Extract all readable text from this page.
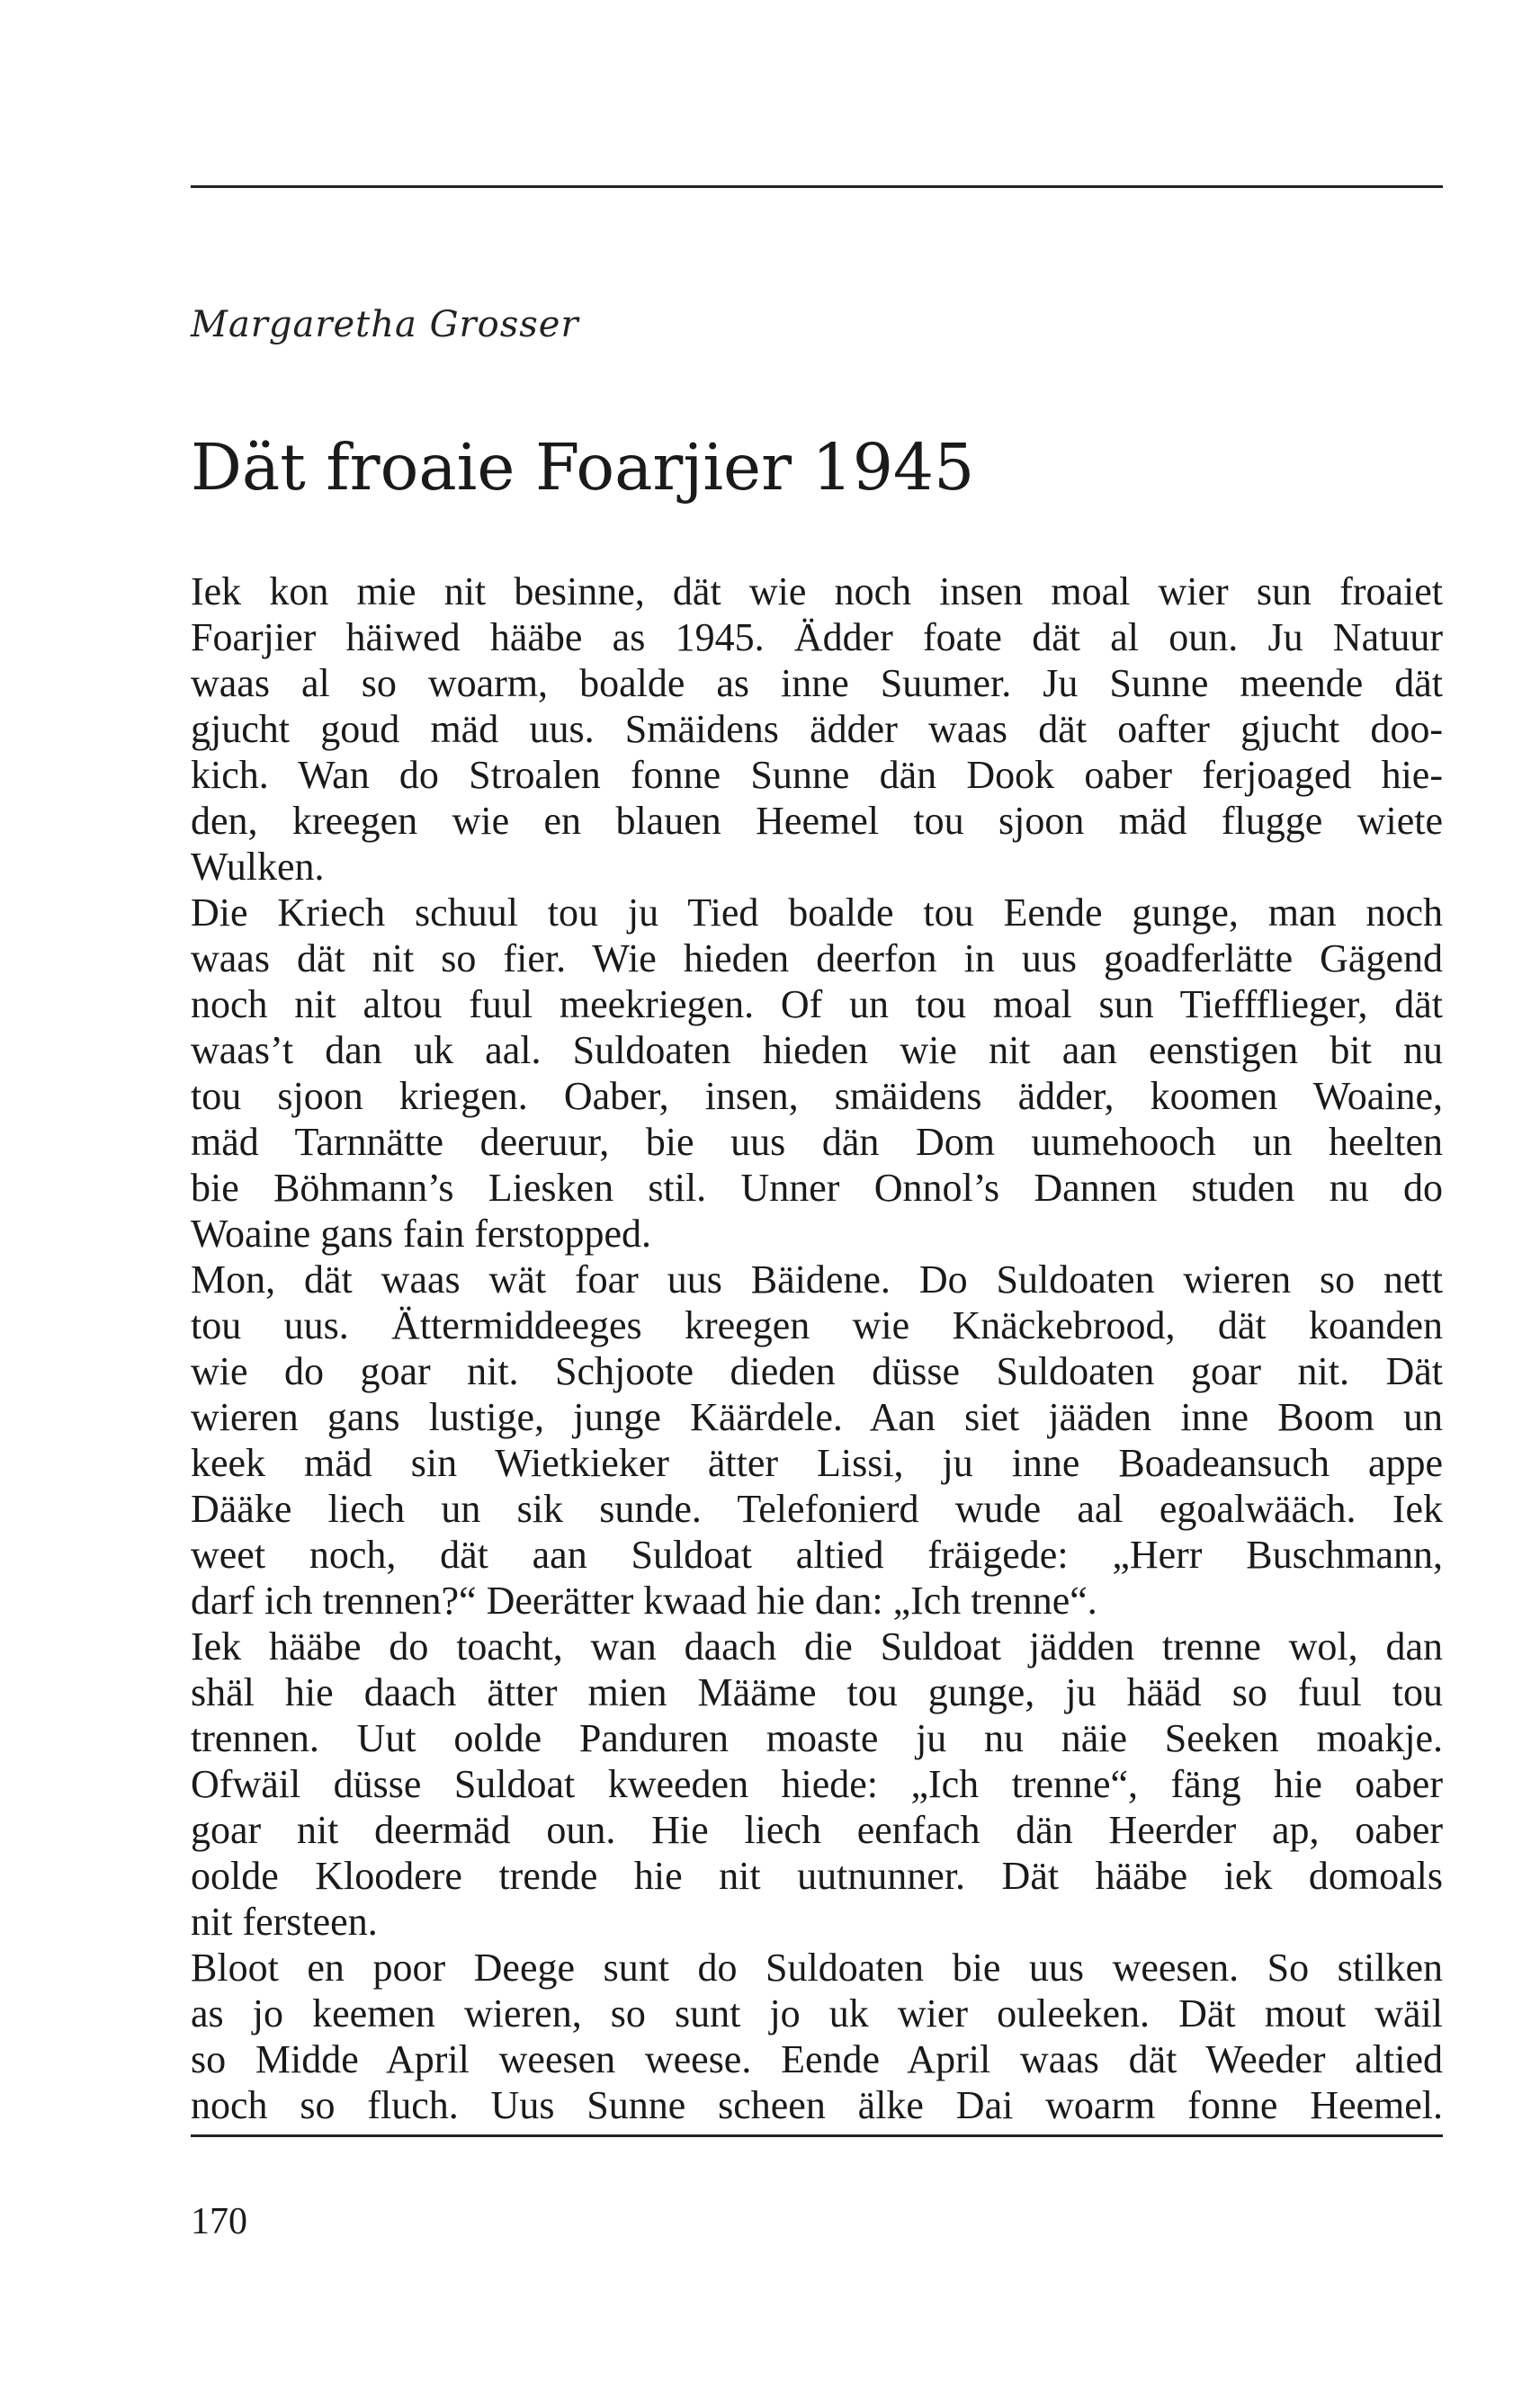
Margaretha Grosser
Dät froaie Foarjier 1945
Iek kon mie nit besinne, dät wie noch insen moal wier sun froaiet
Foarjier häiwed hääbe as 1945. Ädder foate dät al oun. Ju Natuur
waas al so woarm, boalde as inne Suumer. Ju Sunne meende dät
gjucht goud mäd uus. Smäidens ädder waas dät oafter gjucht doo-
kich. Wan do Stroalen fonne Sunne dän Dook oaber ferjoaged hie-
den, kreegen wie en blauen Heemel tou sjoon mäd flugge wiete
Wulken.
Die Kriech schuul tou ju Tied boalde tou Eende gunge, man noch
waas dät nit so fier. Wie hieden deerfon in uus goadferlätte Gägend
noch nit altou fuul meekriegen. Of un tou moal sun Tieffflieger, dät
waas’t dan uk aal. Suldoaten hieden wie nit aan eenstigen bit nu
tou sjoon kriegen. Oaber, insen, smäidens ädder, koomen Woaine,
mäd Tarnnätte deeruur, bie uus dän Dom uumehooch un heelten
bie Böhmann’s Liesken stil. Unner Onnol’s Dannen studen nu do
Woaine gans fain ferstopped.
Mon, dät waas wät foar uus Bäidene. Do Suldoaten wieren so nett
tou uus. Ättermiddeeges kreegen wie Knäckebrood, dät koanden
wie do goar nit. Schjoote dieden düsse Suldoaten goar nit. Dät
wieren gans lustige, junge Käärdele. Aan siet jääden inne Boom un
keek mäd sin Wietkieker ätter Lissi, ju inne Boadeansuch appe
Dääke liech un sik sunde. Telefonierd wude aal egoalwääch. Iek
weet noch, dät aan Suldoat altied fräigede: „Herr Buschmann,
darf ich trennen?“ Deerätter kwaad hie dan: „Ich trenne“.
Iek hääbe do toacht, wan daach die Suldoat jädden trenne wol, dan
shäl hie daach ätter mien Määme tou gunge, ju hääd so fuul tou
trennen. Uut oolde Panduren moaste ju nu näie Seeken moakje.
Ofwäil düsse Suldoat kweeden hiede: „Ich trenne“, fäng hie oaber
goar nit deermäd oun. Hie liech eenfach dän Heerder ap, oaber
oolde Kloodere trende hie nit uutnunner. Dät hääbe iek domoals
nit fersteen.
Bloot en poor Deege sunt do Suldoaten bie uus weesen. So stilken
as jo keemen wieren, so sunt jo uk wier ouleeken. Dät mout wäil
so Midde April weesen weese. Eende April waas dät Weeder altied
noch so fluch. Uus Sunne scheen älke Dai woarm fonne Heemel.
170
